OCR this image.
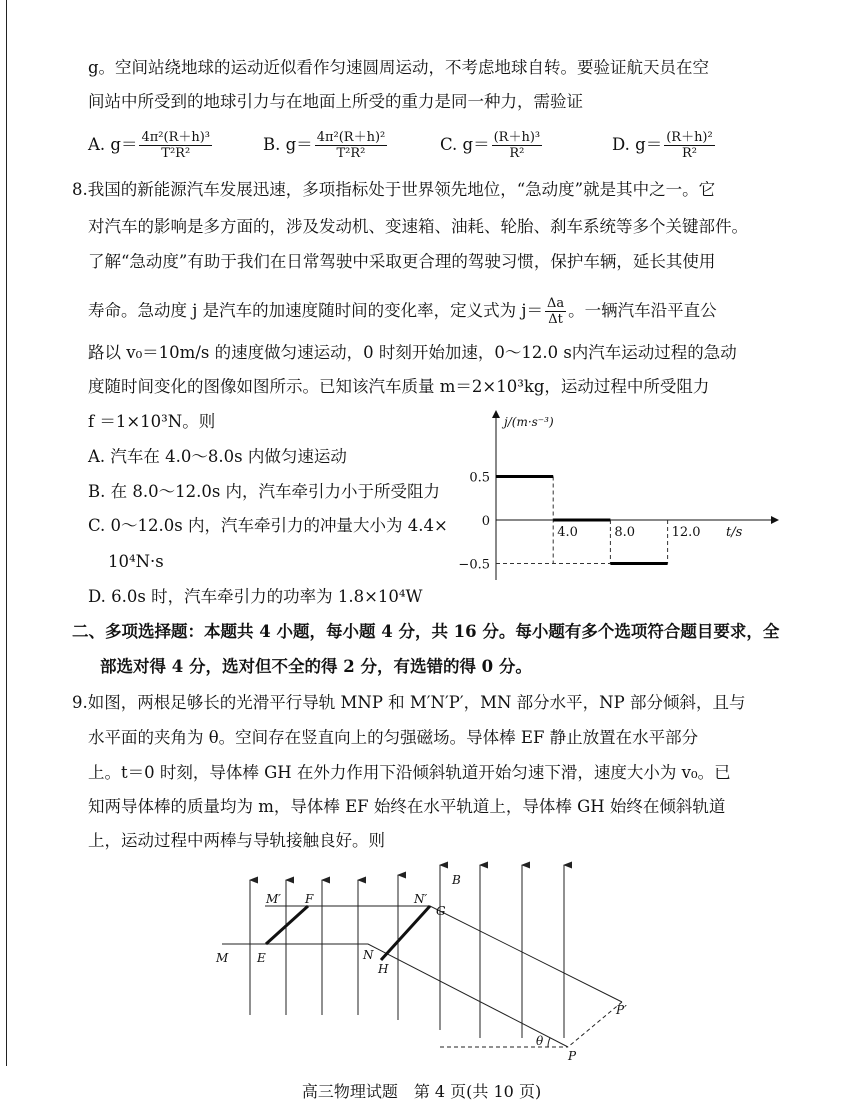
g。空间站绕地球的运动近似看作匀速圆周运动，不考虑地球自转。要验证航天员在空
间站中所受到的地球引力与在地面上所受的重力是同一种力，需验证
A. $g= \frac{\text{4π²(R＋h)³}}{\text{T²R²}}$	B. $g= \frac{\text{4π²(R＋h)²}}{\text{T²R²}}$	C. $g= \frac{\text{(R＋h)³}}{\text{R²}}$	D. $g= \frac{\text{(R＋h)²}}{\text{R²}}$
8.我国的新能源汽车发展迅速，多项指标处于世界领先地位，“急动度”就是其中之一。它
对汽车的影响是多方面的，涉及发动机、变速箱、油耗、轮胎、刹车系统等多个关键部件。
了解“急动度”有助于我们在日常驾驶中采取更合理的驾驶习惯，保护车辆，延长其使用
寿命。急动度 j 是汽车的加速度随时间的变化率，定义式为 $j= \frac{\Delta a}{\Delta t}$ 。一辆汽车沿平直公
路以 v₀＝10m/s 的速度做匀速运动，0 时刻开始加速，0～12.0 s内汽车运动过程的急动
度随时间变化的图像如图所示。已知该汽车质量 m＝2×10³kg，运动过程中所受阻力
f ＝1×10³N。则
A. 汽车在 4.0～8.0s 内做匀速运动
B. 在 8.0～12.0s 内，汽车牵引力小于所受阻力
C. 0～12.0s 内，汽车牵引力的冲量大小为 4.4×
10⁴N·s
D. 6.0s 时，汽车牵引力的功率为 1.8×10⁴W
j/(m·s⁻³)
t/s
0.5
0
−0.5
4.0	8.0	12.0
二、多项选择题：本题共 4 小题，每小题 4 分，共 16 分。每小题有多个选项符合题目要求，全
部选对得 4 分，选对但不全的得 2 分，有选错的得 0 分。
9.如图，两根足够长的光滑平行导轨 MNP 和 M′N′P′，MN 部分水平，NP 部分倾斜，且与
水平面的夹角为 θ。空间存在竖直向上的匀强磁场。导体棒 EF 静止放置在水平部分
上。t＝0 时刻，导体棒 GH 在外力作用下沿倾斜轨道开始匀速下滑，速度大小为 v₀。已
知两导体棒的质量均为 m，导体棒 EF 始终在水平轨道上，导体棒 GH 始终在倾斜轨道
上，运动过程中两棒与导轨接触良好。则
M′ F	N′
G
B
M E	N
H
P′
θ
P
高三物理试题　第 4 页(共 10 页)
